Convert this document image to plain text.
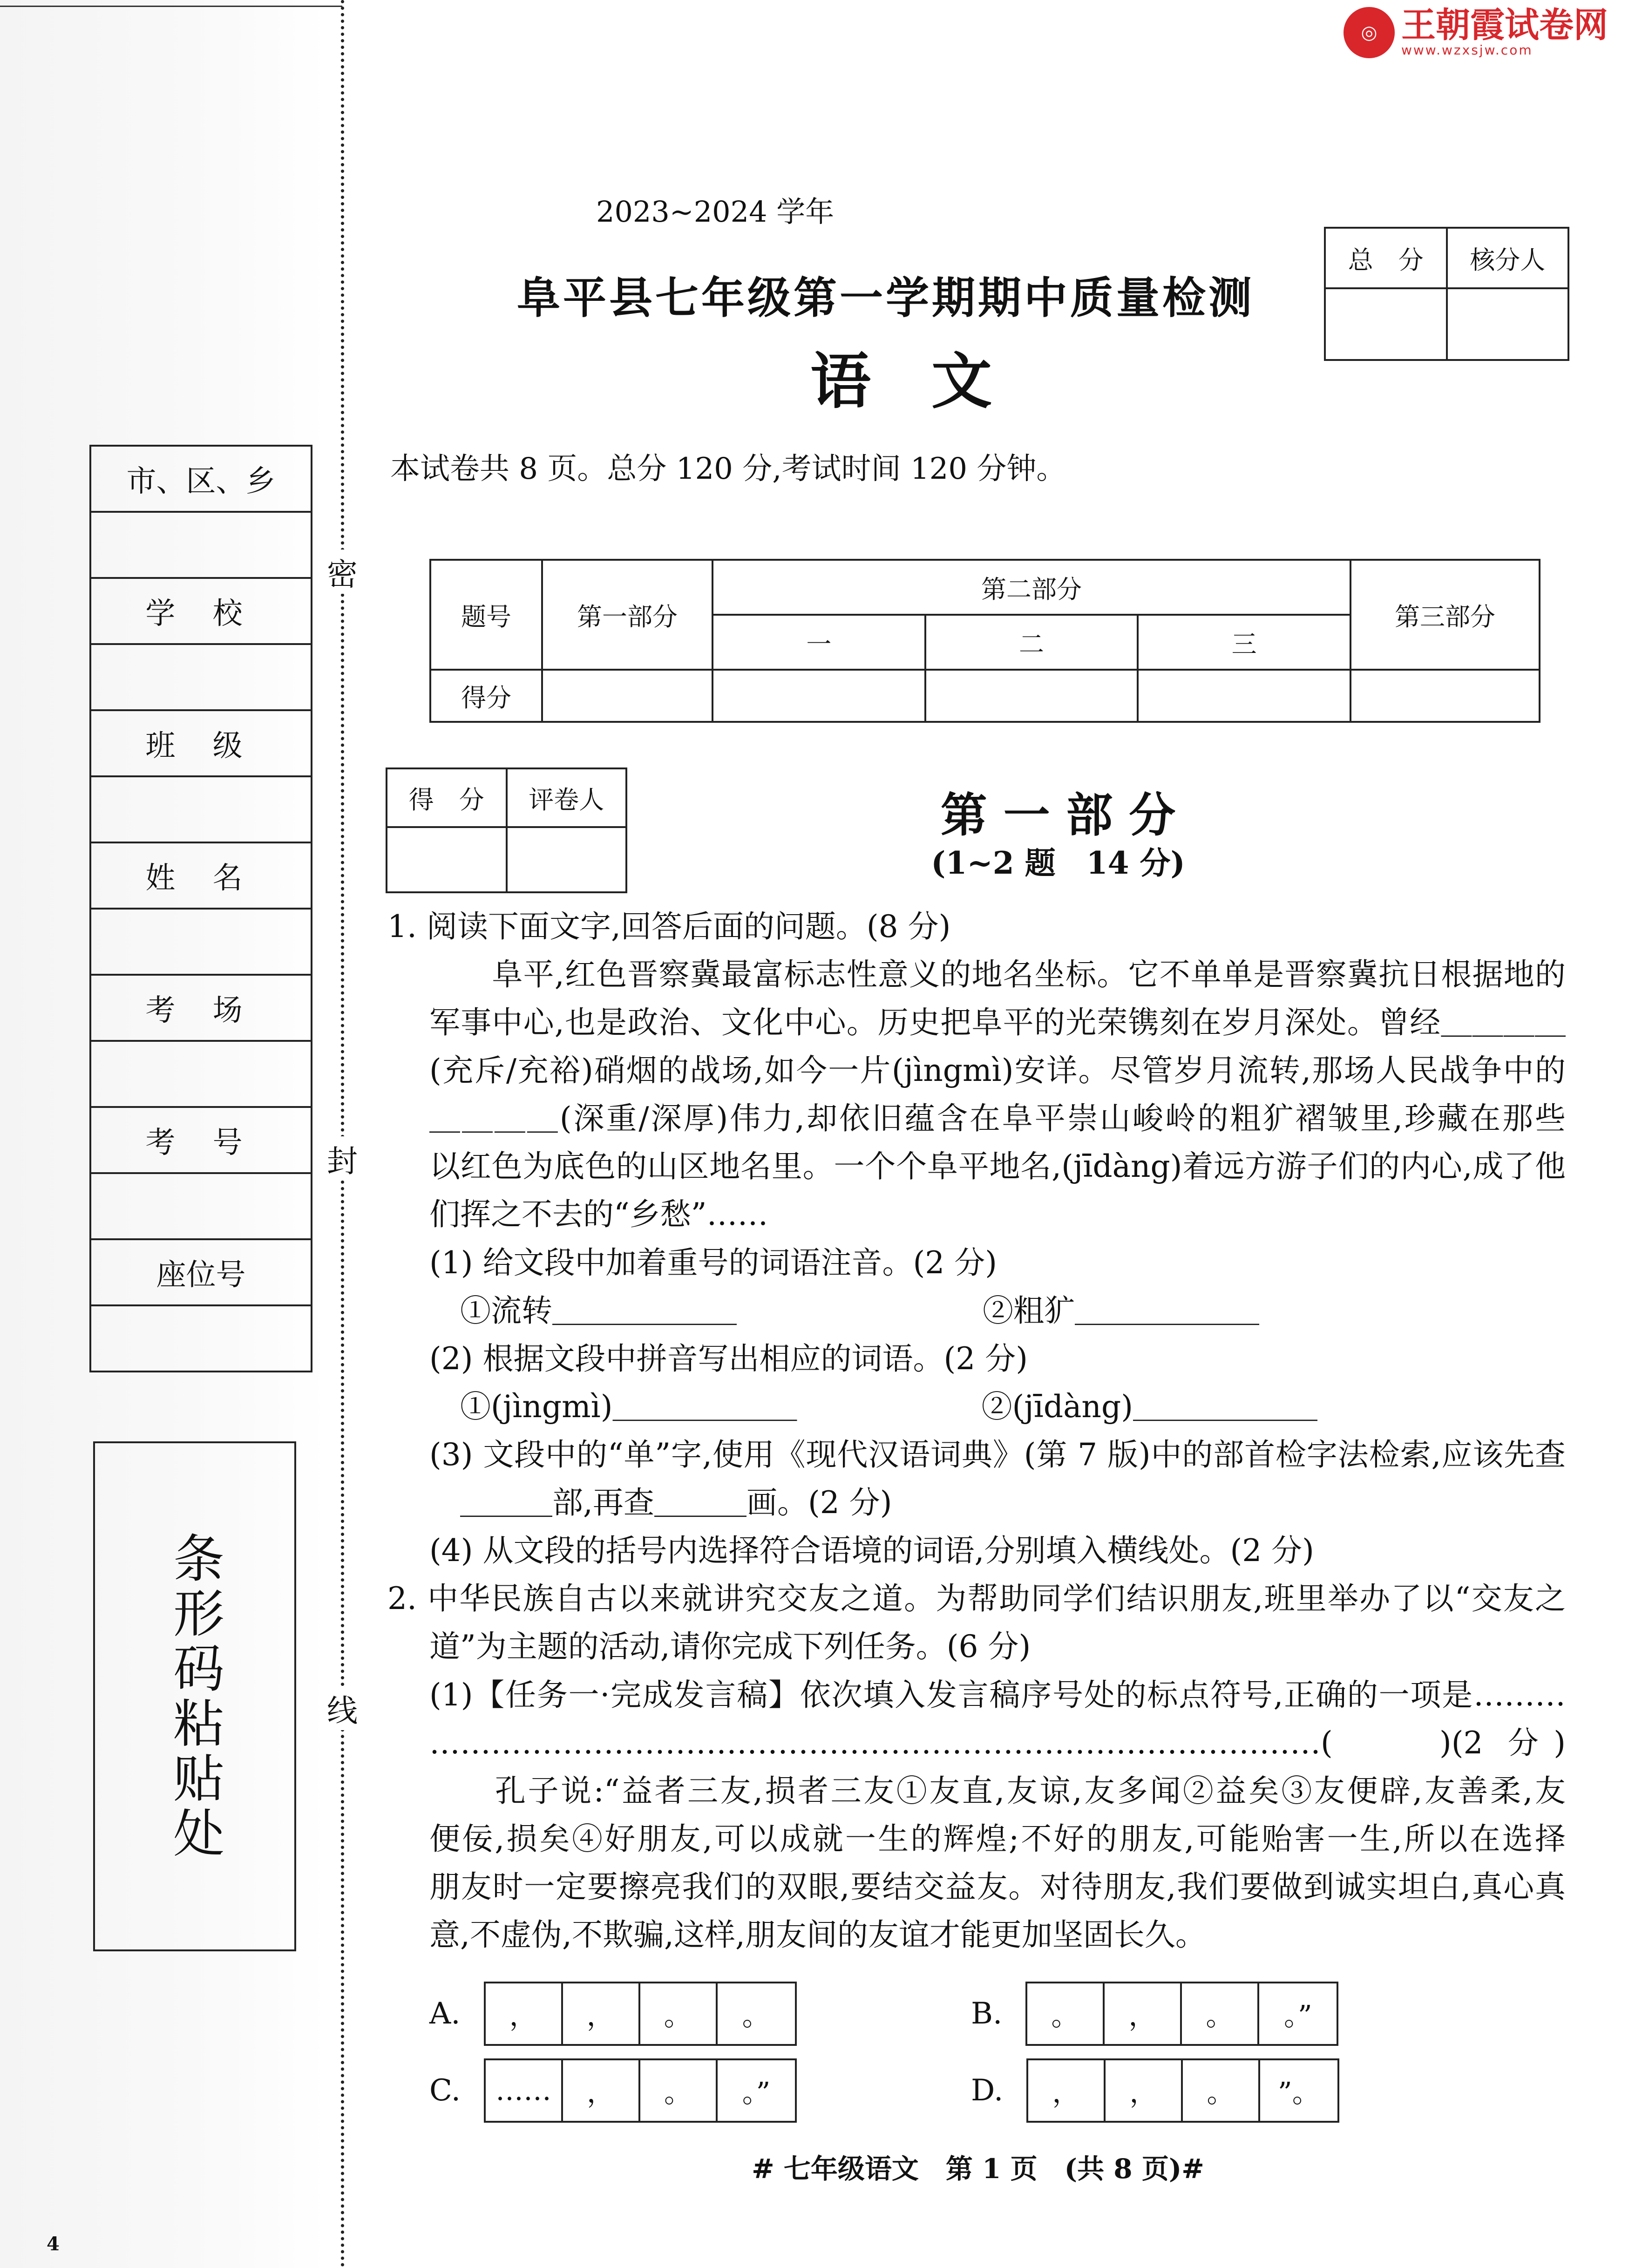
密
封
线
◎ 王朝霞试卷网
www.wzxsjw.com
2023~2024 学年
阜平县七年级第一学期期中质量检测
语　文
总　分	核分人

市、区、乡

学 校

班 级

姓 名

考 场

考 号

座位号

条形码粘贴处
本试卷共 8 页。总分 120 分,考试时间 120 分钟。
题号	第一部分	第二部分			第三部分
		一	二	三	
得分					
得　分	评卷人
		第 一 部 分
(1~2 题　14 分)
1. 阅读下面文字,回答后面的问题。(8 分)
　　阜平,红色晋察冀最富标志性意义的地名坐标。它不单单是晋察冀抗日根据地的
军事中心,也是政治、文化中心。历史把阜平的光荣镌刻在岁月深处。曾经＿＿＿＿
(充斥/充裕)硝烟的战场,如今一片(jìngmì)安详。尽管岁月流转,那场人民战争中的
＿＿＿＿(深重/深厚)伟力,却依旧蕴含在阜平崇山峻岭的粗犷褶皱里,珍藏在那些
以红色为底色的山区地名里。一个个阜平地名,(jīdàng)着远方游子们的内心,成了他
们挥之不去的“乡愁”……
(1) 给文段中加着重号的词语注音。(2 分)
　①流转＿＿＿＿＿＿　　　　　　　　②粗犷＿＿＿＿＿＿
(2) 根据文段中拼音写出相应的词语。(2 分)
　①(jìngmì)＿＿＿＿＿＿　　　　　　②(jīdàng)＿＿＿＿＿＿
(3) 文段中的“单”字,使用《现代汉语词典》(第 7 版)中的部首检字法检索,应该先查
　＿＿＿部,再查＿＿＿画。(2 分)
(4) 从文段的括号内选择符合语境的词语,分别填入横线处。(2 分)
2. 中华民族自古以来就讲究交友之道。为帮助同学们结识朋友,班里举办了以“交友之
道”为主题的活动,请你完成下列任务。(6 分)
(1)【任务一·完成发言稿】依次填入发言稿序号处的标点符号,正确的一项是………
……………………………………………………………………………(　　)(2 分)
　　孔子说:“益者三友,损者三友①友直,友谅,友多闻②益矣③友便辟,友善柔,友
便佞,损矣④好朋友,可以成就一生的辉煌;不好的朋友,可能贻害一生,所以在选择
朋友时一定要擦亮我们的双眼,要结交益友。对待朋友,我们要做到诚实坦白,真心真
意,不虚伪,不欺骗,这样,朋友间的友谊才能更加坚固长久。
A.	，	，	。	。	B.	。	，	。	。”
C.	……	，	。	。”	D.	，	，	。	”。
# 七年级语文　第 1 页　(共 8 页)#
4
